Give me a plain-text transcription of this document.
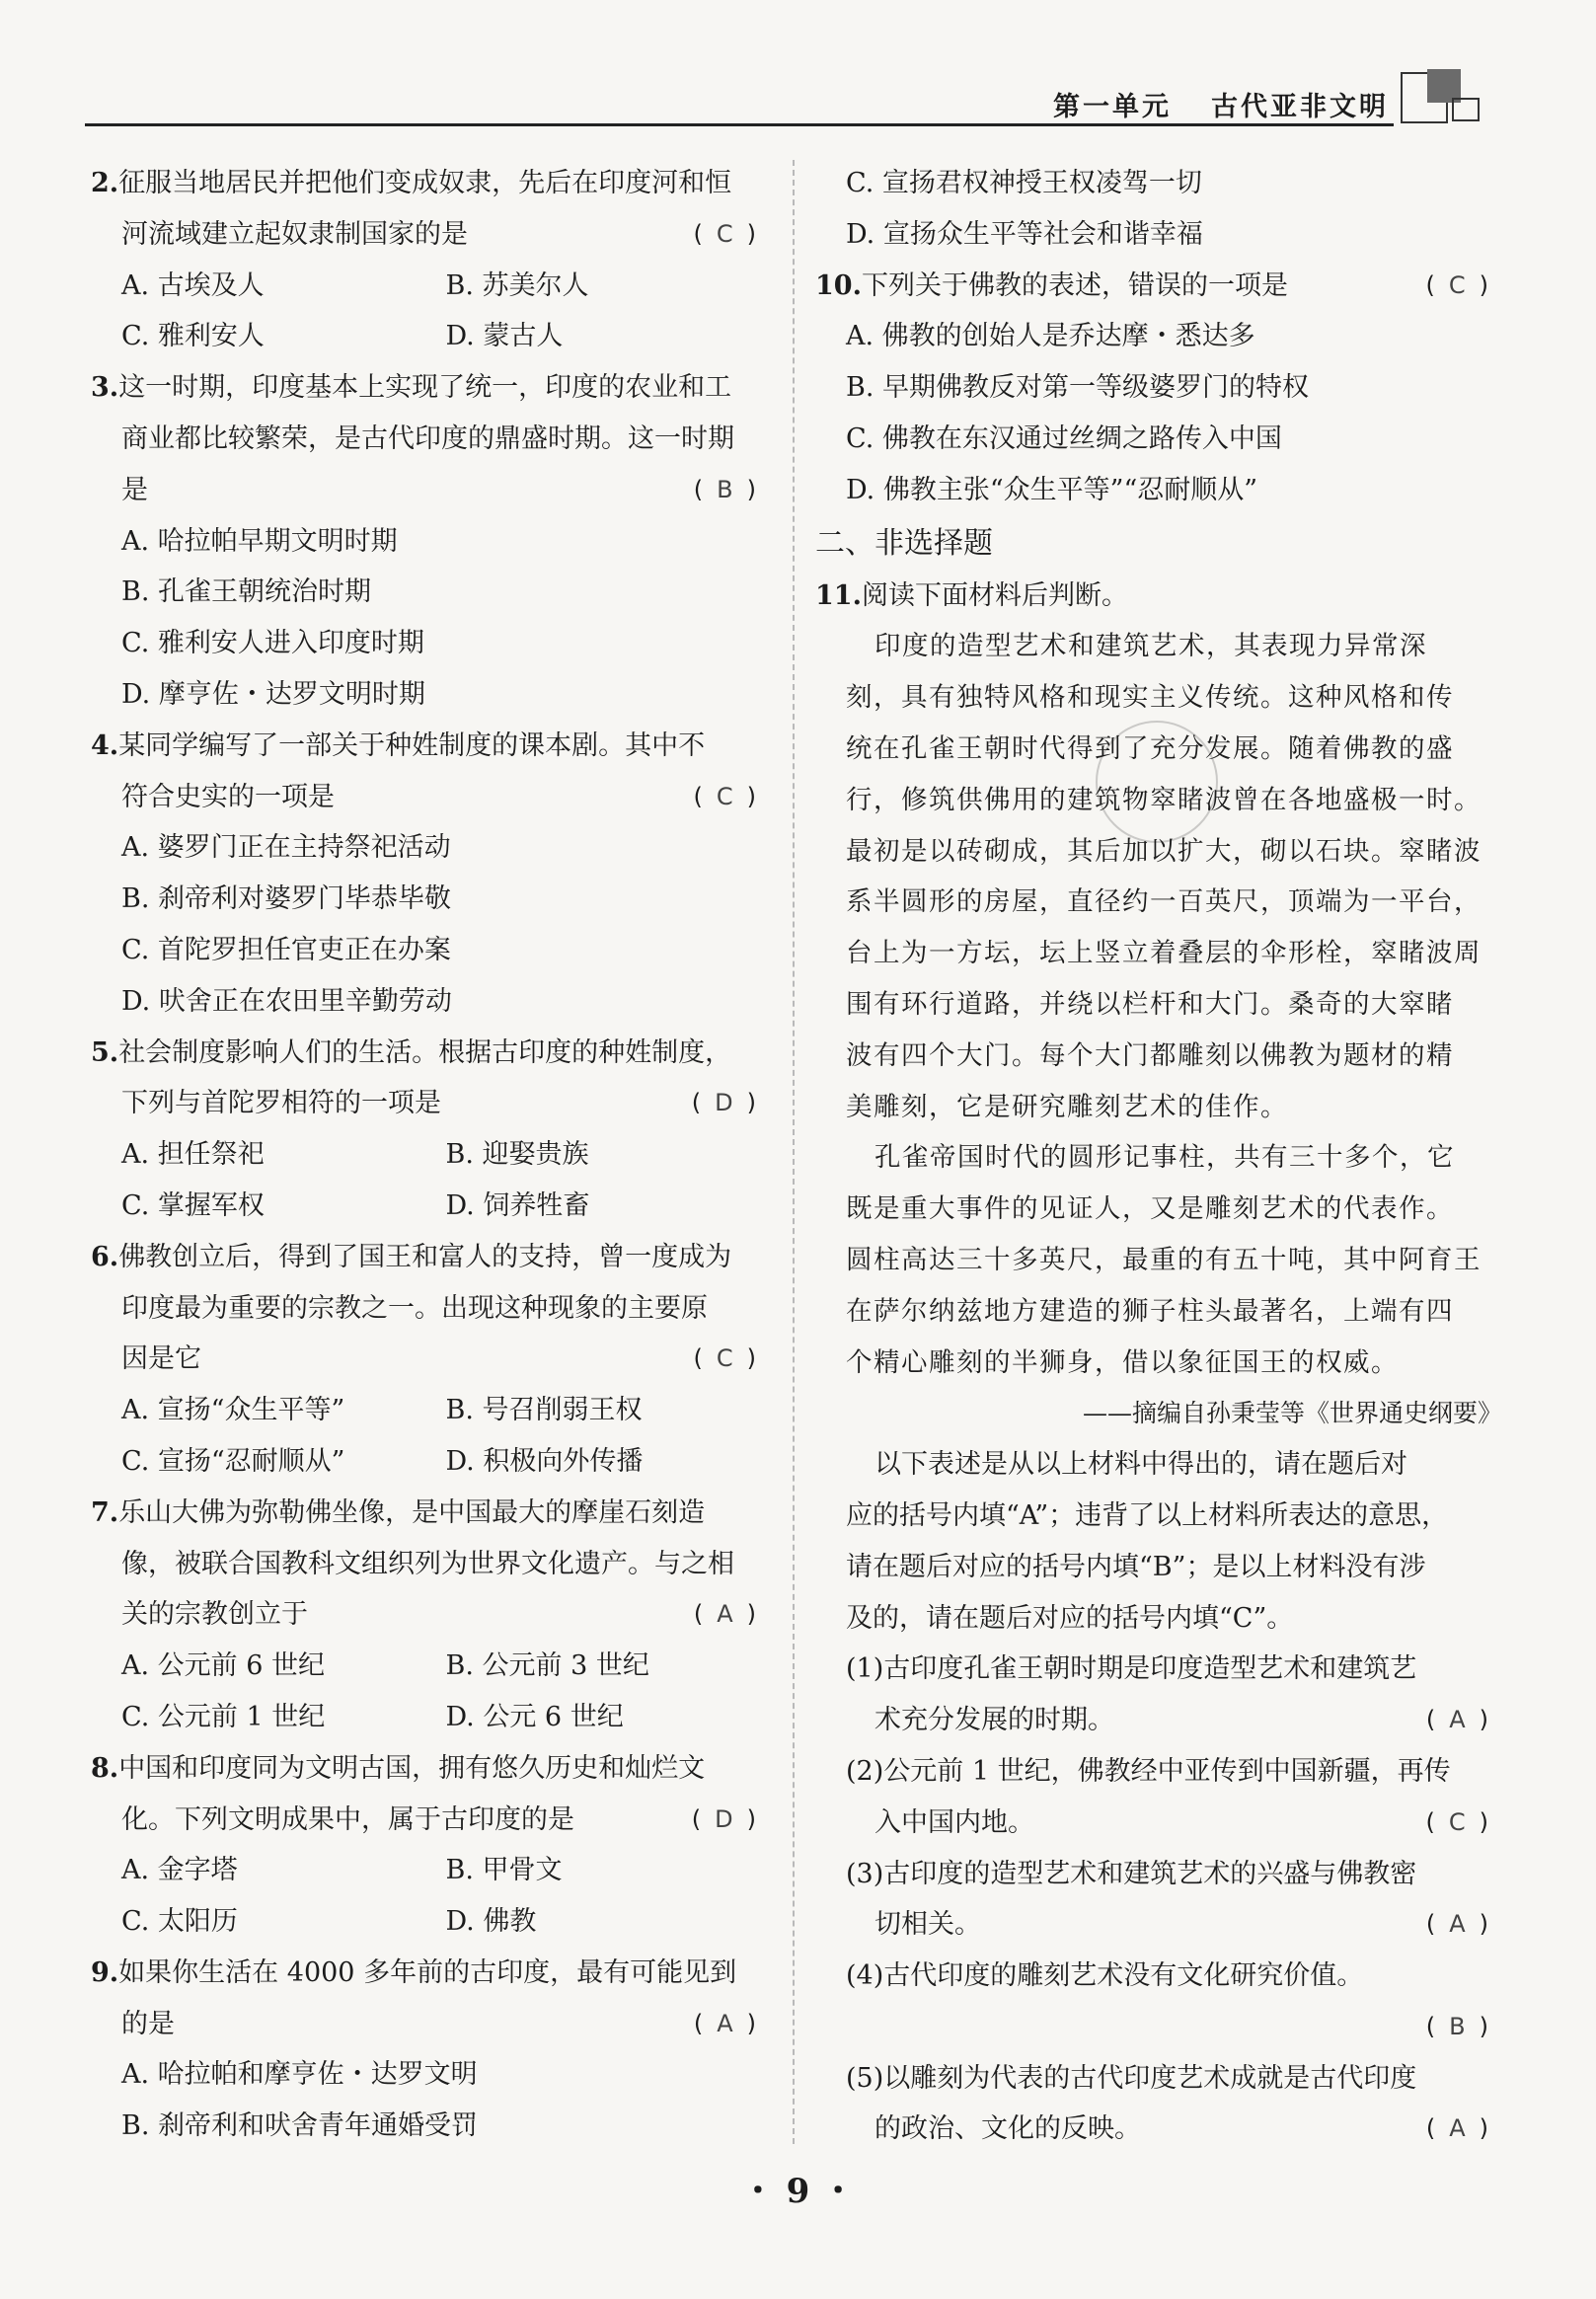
第一单元 古代亚非文明
2.征服当地居民并把他们变成奴隶，先后在印度河和恒
河流域建立起奴隶制国家的是	(C)
A. 古埃及人	B. 苏美尔人
C. 雅利安人	D. 蒙古人
3.这一时期，印度基本上实现了统一，印度的农业和工
商业都比较繁荣，是古代印度的鼎盛时期。这一时期
是	(B)
A. 哈拉帕早期文明时期
B. 孔雀王朝统治时期
C. 雅利安人进入印度时期
D. 摩亨佐・达罗文明时期
4.某同学编写了一部关于种姓制度的课本剧。其中不
符合史实的一项是	(C)
A. 婆罗门正在主持祭祀活动
B. 刹帝利对婆罗门毕恭毕敬
C. 首陀罗担任官吏正在办案
D. 吠舍正在农田里辛勤劳动
5.社会制度影响人们的生活。根据古印度的种姓制度，
下列与首陀罗相符的一项是	(D)
A. 担任祭祀	B. 迎娶贵族
C. 掌握军权	D. 饲养牲畜
6.佛教创立后，得到了国王和富人的支持，曾一度成为
印度最为重要的宗教之一。出现这种现象的主要原
因是它	(C)
A. 宣扬“众生平等”	B. 号召削弱王权
C. 宣扬“忍耐顺从”	D. 积极向外传播
7.乐山大佛为弥勒佛坐像，是中国最大的摩崖石刻造
像，被联合国教科文组织列为世界文化遗产。与之相
关的宗教创立于	(A)
A. 公元前 6 世纪	B. 公元前 3 世纪
C. 公元前 1 世纪	D. 公元 6 世纪
8.中国和印度同为文明古国，拥有悠久历史和灿烂文
化。下列文明成果中，属于古印度的是	(D)
A. 金字塔	B. 甲骨文
C. 太阳历	D. 佛教
9.如果你生活在 4000 多年前的古印度，最有可能见到
的是	(A)
A. 哈拉帕和摩亨佐・达罗文明
B. 刹帝利和吠舍青年通婚受罚
C. 宣扬君权神授王权凌驾一切
D. 宣扬众生平等社会和谐幸福
10.下列关于佛教的表述，错误的一项是	(C)
A. 佛教的创始人是乔达摩・悉达多
B. 早期佛教反对第一等级婆罗门的特权
C. 佛教在东汉通过丝绸之路传入中国
D. 佛教主张“众生平等”“忍耐顺从”
二、非选择题
11.阅读下面材料后判断。
印度的造型艺术和建筑艺术，其表现力异常深
刻，具有独特风格和现实主义传统。这种风格和传
统在孔雀王朝时代得到了充分发展。随着佛教的盛
行，修筑供佛用的建筑物窣睹波曾在各地盛极一时。
最初是以砖砌成，其后加以扩大，砌以石块。窣睹波
系半圆形的房屋，直径约一百英尺，顶端为一平台，
台上为一方坛，坛上竖立着叠层的伞形栓，窣睹波周
围有环行道路，并绕以栏杆和大门。桑奇的大窣睹
波有四个大门。每个大门都雕刻以佛教为题材的精
美雕刻，它是研究雕刻艺术的佳作。
孔雀帝国时代的圆形记事柱，共有三十多个，它
既是重大事件的见证人，又是雕刻艺术的代表作。
圆柱高达三十多英尺，最重的有五十吨，其中阿育王
在萨尔纳兹地方建造的狮子柱头最著名，上端有四
个精心雕刻的半狮身，借以象征国王的权威。
——摘编自孙秉莹等《世界通史纲要》
以下表述是从以上材料中得出的，请在题后对
应的括号内填“A”；违背了以上材料所表达的意思，
请在题后对应的括号内填“B”；是以上材料没有涉
及的，请在题后对应的括号内填“C”。
(1)古印度孔雀王朝时期是印度造型艺术和建筑艺
术充分发展的时期。	(A)
(2)公元前 1 世纪，佛教经中亚传到中国新疆，再传
入中国内地。	(C)
(3)古印度的造型艺术和建筑艺术的兴盛与佛教密
切相关。	(A)
(4)古代印度的雕刻艺术没有文化研究价值。
(B)
(5)以雕刻为代表的古代印度艺术成就是古代印度
的政治、文化的反映。	(A)
・ 9 ・
